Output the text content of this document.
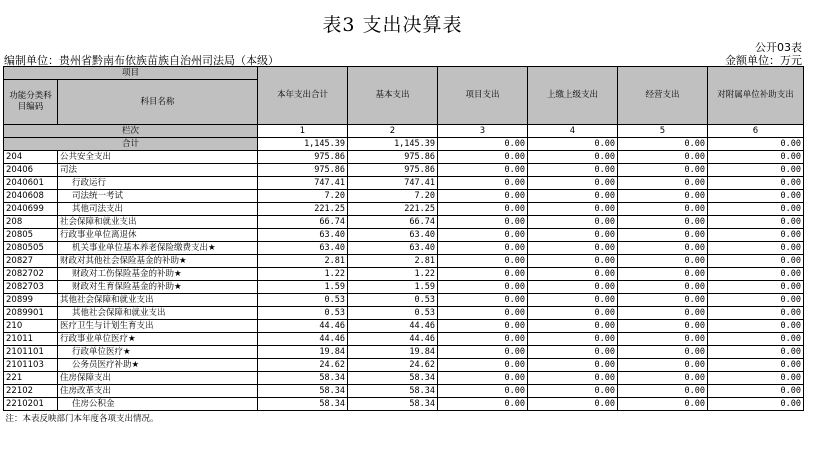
表3 支出决算表
公开03表
编制单位：贵州省黔南布依族苗族自治州司法局（本级）	金额单位：万元
项目		本年支出合计	基本支出	项目支出	上缴上级支出	经营支出	对附属单位补助支出
功能分类科目编码	科目名称						
栏次		1	2	3	4	5	6
合计		1,145.39	1,145.39	0.00	0.00	0.00	0.00
204	公共安全支出	975.86	975.86	0.00	0.00	0.00	0.00
20406	司法	975.86	975.86	0.00	0.00	0.00	0.00
2040601	行政运行	747.41	747.41	0.00	0.00	0.00	0.00
2040608	司法统一考试	7.20	7.20	0.00	0.00	0.00	0.00
2040699	其他司法支出	221.25	221.25	0.00	0.00	0.00	0.00
208	社会保障和就业支出	66.74	66.74	0.00	0.00	0.00	0.00
20805	行政事业单位离退休	63.40	63.40	0.00	0.00	0.00	0.00
2080505	机关事业单位基本养老保险缴费支出★	63.40	63.40	0.00	0.00	0.00	0.00
20827	财政对其他社会保险基金的补助★	2.81	2.81	0.00	0.00	0.00	0.00
2082702	财政对工伤保险基金的补助★	1.22	1.22	0.00	0.00	0.00	0.00
2082703	财政对生育保险基金的补助★	1.59	1.59	0.00	0.00	0.00	0.00
20899	其他社会保障和就业支出	0.53	0.53	0.00	0.00	0.00	0.00
2089901	其他社会保障和就业支出	0.53	0.53	0.00	0.00	0.00	0.00
210	医疗卫生与计划生育支出	44.46	44.46	0.00	0.00	0.00	0.00
21011	行政事业单位医疗★	44.46	44.46	0.00	0.00	0.00	0.00
2101101	行政单位医疗★	19.84	19.84	0.00	0.00	0.00	0.00
2101103	公务员医疗补助★	24.62	24.62	0.00	0.00	0.00	0.00
221	住房保障支出	58.34	58.34	0.00	0.00	0.00	0.00
22102	住房改革支出	58.34	58.34	0.00	0.00	0.00	0.00
2210201	住房公积金	58.34	58.34	0.00	0.00	0.00	0.00
注：本表反映部门本年度各项支出情况。							
